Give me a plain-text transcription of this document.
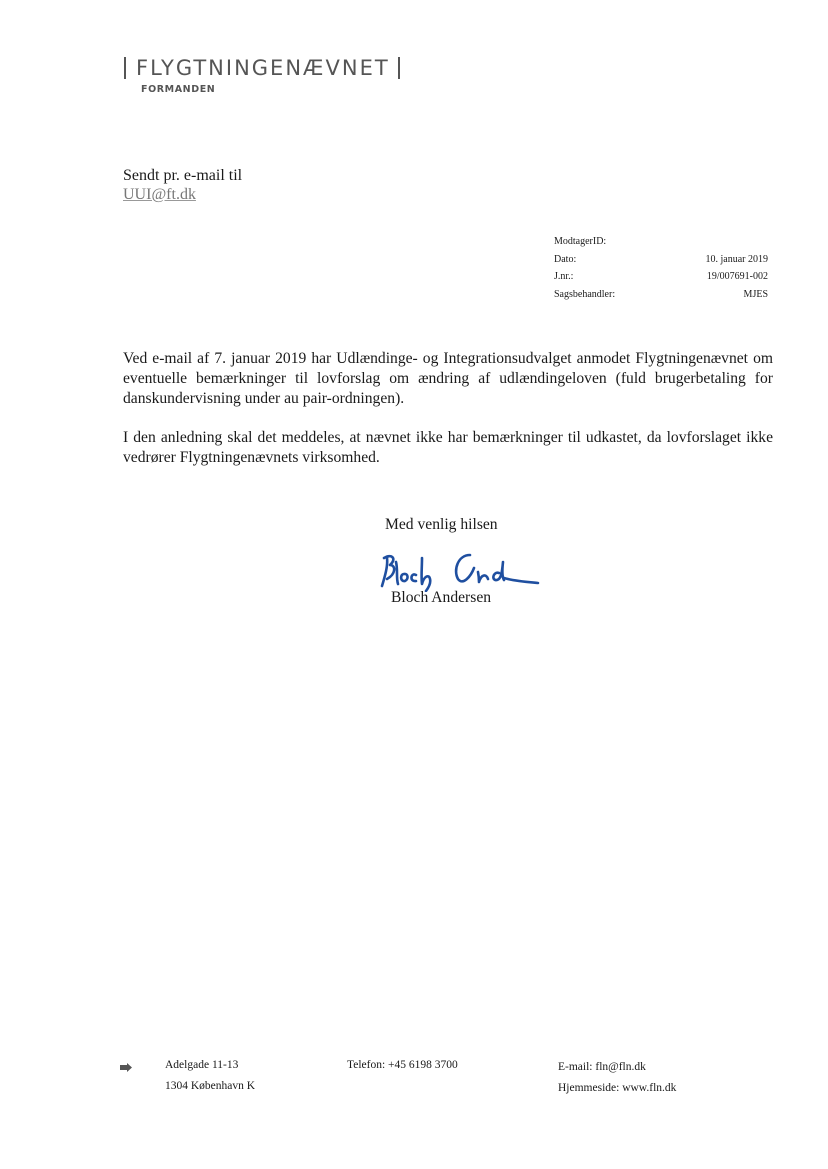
FLYGTNINGENÆVNET
FORMANDEN
Sendt pr. e-mail til
UUI@ft.dk
ModtagerID:
Dato:	10. januar 2019
J.nr.:	19/007691-002
Sagsbehandler:	MJES
Ved e-mail af 7. januar 2019 har Udlændinge- og Integrationsudvalget anmodet Flygtningenævnet om eventuelle bemærkninger til lovforslag om ændring af udlændingeloven (fuld brugerbetaling for danskundervisning under au pair-ordningen).
I den anledning skal det meddeles, at nævnet ikke har bemærkninger til udkastet, da lovforslaget ikke vedrører Flygtningenævnets virksomhed.
Med venlig hilsen
Bloch Andersen
Adelgade 11-13
1304 København K
Telefon: +45 6198 3700	E-mail: fln@fln.dk
Hjemmeside: www.fln.dk
